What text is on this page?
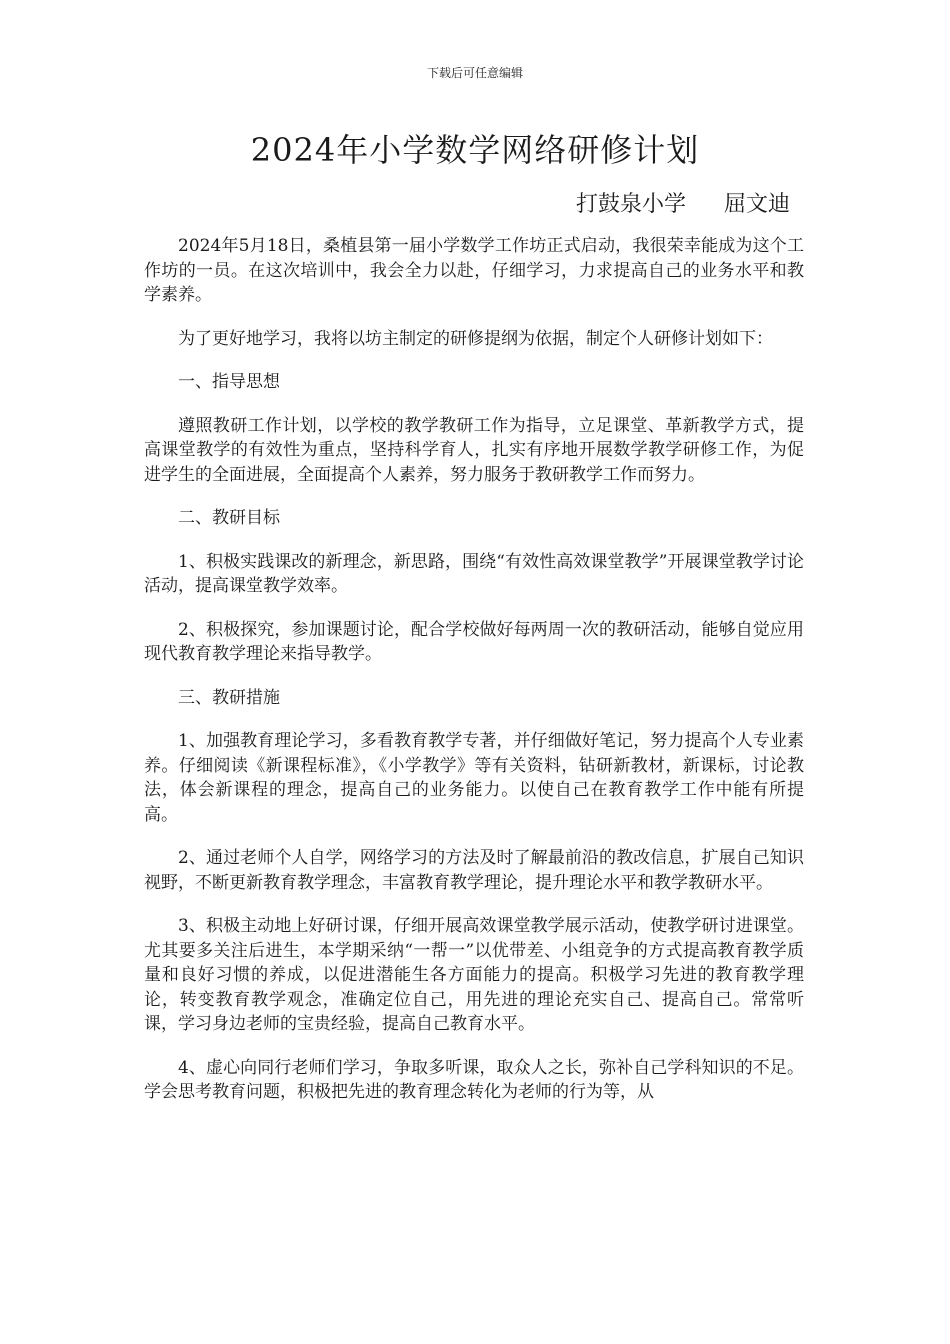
下载后可任意编辑
2024年小学数学网络研修计划
打鼓泉小学 屈文迪

2024年5月18日，桑植县第一届小学数学工作坊正式启动，我很荣幸能成为这个工作坊的一员。在这次培训中，我会全力以赴，仔细学习，力求提高自己的业务水平和教学素养。

为了更好地学习，我将以坊主制定的研修提纲为依据，制定个人研修计划如下：

一、指导思想

遵照教研工作计划，以学校的教学教研工作为指导，立足课堂、革新教学方式，提高课堂教学的有效性为重点，坚持科学育人，扎实有序地开展数学教学研修工作，为促进学生的全面进展，全面提高个人素养，努力服务于教研教学工作而努力。

二、教研目标

1、积极实践课改的新理念，新思路，围绕“有效性高效课堂教学”开展课堂教学讨论活动，提高课堂教学效率。

2、积极探究，参加课题讨论，配合学校做好每两周一次的教研活动，能够自觉应用现代教育教学理论来指导教学。

三、教研措施

1、加强教育理论学习，多看教育教学专著，并仔细做好笔记，努力提高个人专业素养。仔细阅读《新课程标准》，《小学教学》等有关资料，钻研新教材，新课标，讨论教法，体会新课程的理念，提高自己的业务能力。以使自己在教育教学工作中能有所提高。

2、通过老师个人自学，网络学习的方法及时了解最前沿的教改信息，扩展自己知识视野，不断更新教育教学理念，丰富教育教学理论，提升理论水平和教学教研水平。

3、积极主动地上好研讨课，仔细开展高效课堂教学展示活动，使教学研讨进课堂。尤其要多关注后进生，本学期采纳“一帮一”以优带差、小组竞争的方式提高教育教学质量和良好习惯的养成，以促进潜能生各方面能力的提高。积极学习先进的教育教学理论，转变教育教学观念，准确定位自己，用先进的理论充实自己、提高自己。常常听课，学习身边老师的宝贵经验，提高自己教育水平。

4、虚心向同行老师们学习，争取多听课，取众人之长，弥补自己学科知识的不足。学会思考教育问题，积极把先进的教育理念转化为老师的行为等，从
